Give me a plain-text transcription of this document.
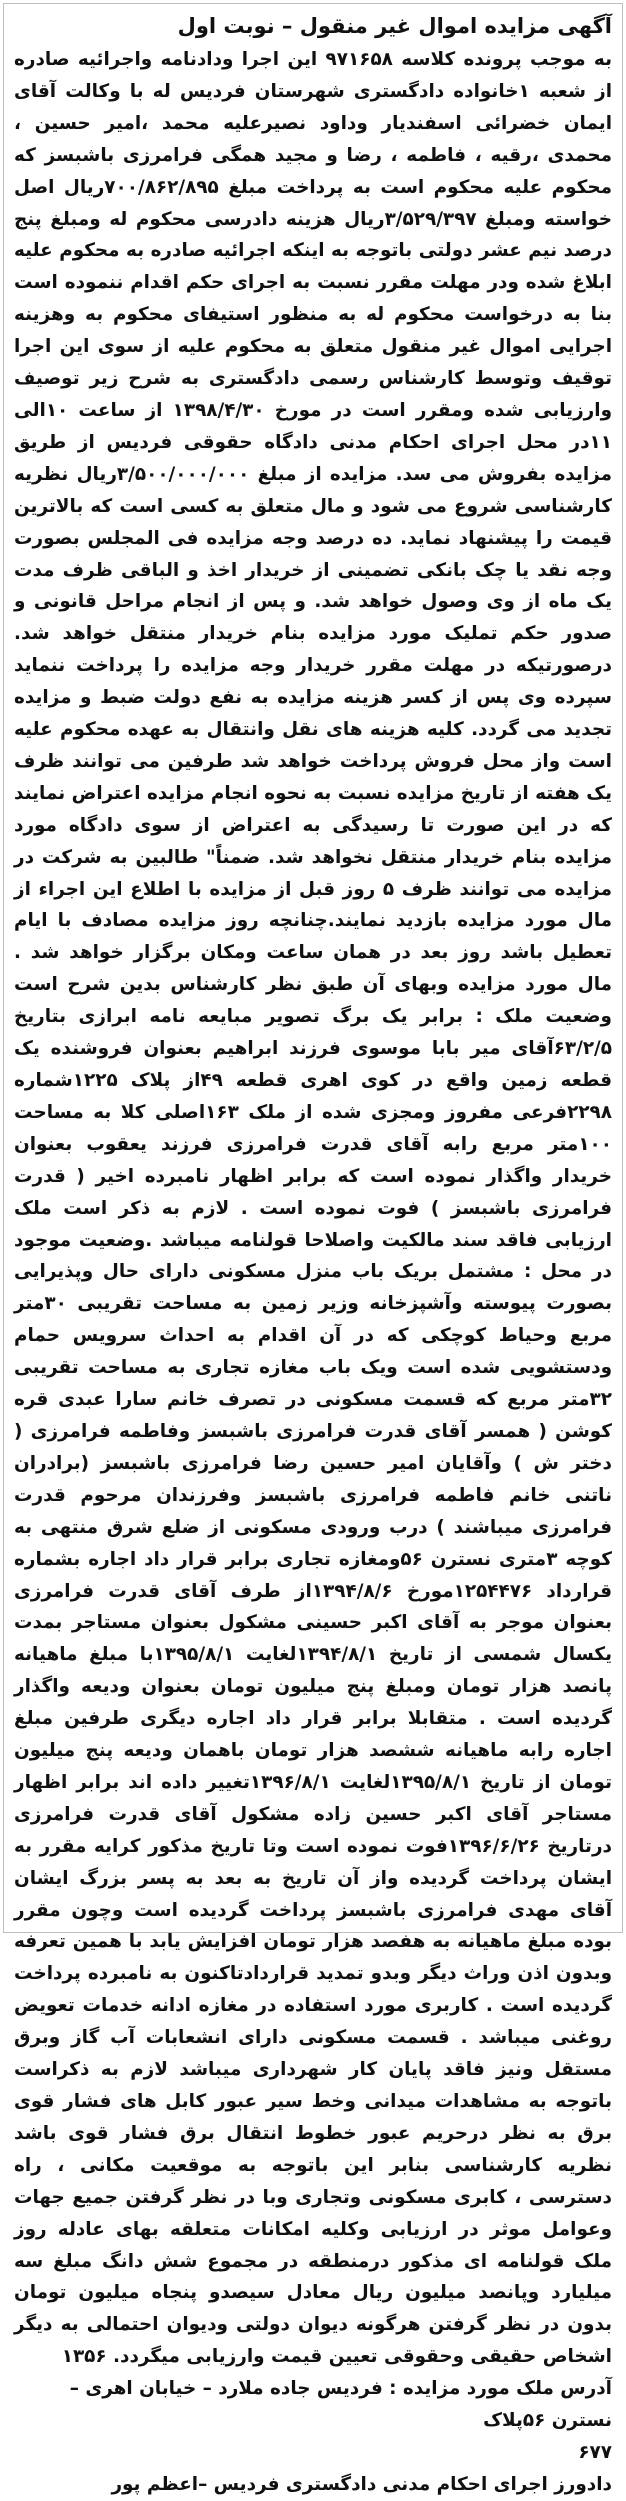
آگهی مزایده اموال غیر منقول – نوبت اول
به موجب پرونده کلاسه ۹۷۱۶۵۸ این اجرا ودادنامه واجرائیه صادره از شعبه ۱خانواده دادگستری شهرستان فردیس له با وکالت آقای ایمان خضرائی اسفندیار وداود نصیرعلیه محمد ،امیر حسین ، محمدی ،رقیه ، فاطمه ، رضا و مجید همگی فرامرزی باشبسز که محکوم علیه محکوم است به پرداخت مبلغ ۷۰۰/۸۶۲/۸۹۵ریال اصل خواسته ومبلغ ۳/۵۲۹/۳۹۷ریال هزینه دادرسی محکوم له ومبلغ پنج درصد نیم عشر دولتی باتوجه به اینکه اجرائیه صادره به محکوم علیه ابلاغ شده ودر مهلت مقرر نسبت به اجرای حکم اقدام ننموده است بنا به درخواست محکوم له به منظور استیفای محکوم به وهزینه اجرایی اموال غیر منقول متعلق به محکوم علیه از سوی این اجرا توقیف وتوسط کارشناس رسمی دادگستری به شرح زیر توصیف وارزیابی شده ومقرر است در مورخ ۱۳۹۸/۴/۳۰ از ساعت ۱۰الی ۱۱در محل اجرای احکام مدنی دادگاه حقوقی فردیس از طریق مزایده بفروش می سد. مزایده از مبلغ ۳/۵۰۰/۰۰۰/۰۰۰ریال نظریه کارشناسی شروع می شود و مال متعلق به کسی است که بالاترین قیمت را پیشنهاد نماید. ده درصد وجه مزایده فی المجلس بصورت وجه نقد یا چک بانکی تضمینی از خریدار اخذ و الباقی ظرف مدت یک ماه از وی وصول خواهد شد. و پس از انجام مراحل قانونی و صدور حکم تملیک مورد مزایده بنام خریدار منتقل خواهد شد. درصورتیکه در مهلت مقرر خریدار وجه مزایده را پرداخت ننماید سپرده وی پس از کسر هزینه مزایده به نفع دولت ضبط و مزایده تجدید می گردد. کلیه هزینه های نقل وانتقال به عهده محکوم علیه است واز محل فروش پرداخت خواهد شد طرفین می توانند ظرف یک هفته از تاریخ مزایده نسبت به نحوه انجام مزایده اعتراض نمایند که در این صورت تا رسیدگی به اعتراض از سوی دادگاه مورد مزایده بنام خریدار منتقل نخواهد شد. ضمناً" طالبین به شرکت در مزایده می توانند ظرف ۵ روز قبل از مزایده با اطلاع این اجراء از مال مورد مزایده بازدید نمایند.چنانچه روز مزایده مصادف با ایام تعطیل باشد روز بعد در همان ساعت ومکان برگزار خواهد شد . مال مورد مزایده وبهای آن طبق نظر کارشناس بدین شرح است وضعیت ملک : برابر یک برگ تصویر مبایعه نامه ابرازی بتاریخ ۶۳/۲/۵آقای میر بابا موسوی فرزند ابراهیم بعنوان فروشنده یک قطعه زمین واقع در کوی اهری قطعه ۴۹از پلاک ۱۲۲۵شماره ۲۲۹۸فرعی مفروز ومجزی شده از ملک ۱۶۳اصلی کلا به مساحت ۱۰۰متر مربع رابه آقای قدرت فرامرزی فرزند یعقوب بعنوان خریدار واگذار نموده است که برابر اظهار نامبرده اخیر ( قدرت فرامرزی باشبسز ) فوت نموده است . لازم به ذکر است ملک ارزیابی فاقد سند مالکیت واصلاحا قولنامه میباشد .وضعیت موجود در محل : مشتمل بریک باب منزل مسکونی دارای حال وپذیرایی بصورت پیوسته وآشپزخانه وزیر زمین به مساحت تقریبی ۳۰متر مربع وحیاط کوچکی که در آن اقدام به احداث سرویس حمام ودستشویی شده است ویک باب مغازه تجاری به مساحت تقریبی ۳۲متر مربع که قسمت مسکونی در تصرف خانم سارا عبدی قره کوشن ( همسر آقای قدرت فرامرزی باشبسز وفاطمه فرامرزی ( دختر ش ) وآقایان امیر حسین رضا فرامرزی باشبسز (برادران ناتنی خانم فاطمه فرامرزی باشبسز وفرزندان مرحوم قدرت فرامرزی میباشند ) درب ورودی مسکونی از ضلع شرق منتهی به کوچه ۳متری نسترن ۵۶ومغازه تجاری برابر قرار داد اجاره بشماره قرارداد ۱۲۵۴۴۷۶مورخ ۱۳۹۴/۸/۶از طرف آقای قدرت فرامرزی بعنوان موجر به آقای اکبر حسینی مشکول بعنوان مستاجر بمدت یکسال شمسی از تاریخ ۱۳۹۴/۸/۱لغایت ۱۳۹۵/۸/۱با مبلغ ماهیانه پانصد هزار تومان ومبلغ پنج میلیون تومان بعنوان ودیعه واگذار گردیده است . متقابلا برابر قرار داد اجاره دیگری طرفین مبلغ اجاره رابه ماهیانه ششصد هزار تومان باهمان ودیعه پنج میلیون تومان از تاریخ ۱۳۹۵/۸/۱لغایت ۱۳۹۶/۸/۱تغییر داده اند برابر اظهار مستاجر آقای اکبر حسین زاده مشکول آقای قدرت فرامرزی درتاریخ ۱۳۹۶/۶/۲۶فوت نموده است وتا تاریخ مذکور کرایه مقرر به ایشان پرداخت گردیده واز آن تاریخ به بعد به پسر بزرگ ایشان آقای مهدی فرامرزی باشبسز پرداخت گردیده است وچون مقرر بوده مبلغ ماهیانه به هفصد هزار تومان افزایش یابد با همین تعرفه وبدون اذن وراث دیگر وبدو تمدید قراردادتاکنون به نامبرده پرداخت گردیده است . کاربری مورد استفاده در مغازه ادانه خدمات تعویض روغنی میباشد . قسمت مسکونی دارای انشعابات آب گاز وبرق مستقل ونیز فاقد پایان کار شهرداری میباشد لازم به ذکراست باتوجه به مشاهدات میدانی وخط سیر عبور کابل های فشار قوی برق به نظر درحریم عبور خطوط انتقال برق فشار قوی باشد نظریه کارشناسی بنابر این باتوجه به موقعیت مکانی ، راه دسترسی ، کابری مسکونی وتجاری وبا در نظر گرفتن جمیع جهات وعوامل موثر در ارزیابی وکلیه امکانات متعلقه بهای عادله روز ملک قولنامه ای مذکور درمنطقه در مجموع شش دانگ مبلغ سه میلیارد وپانصد میلیون ریال معادل سیصدو پنجاه میلیون تومان بدون در نظر گرفتن هرگونه دیوان دولتی ودیوان احتمالی به دیگر اشخاص حقیقی وحقوقی تعیین قیمت وارزیابی میگردد. ۱۳۵۶
آدرس ملک مورد مزایده : فردیس جاده ملارد – خیابان اهری – نسترن ۵۶پلاک
۶۷۷
دادورز اجرای احکام مدنی دادگستری فردیس –اعظم پور
